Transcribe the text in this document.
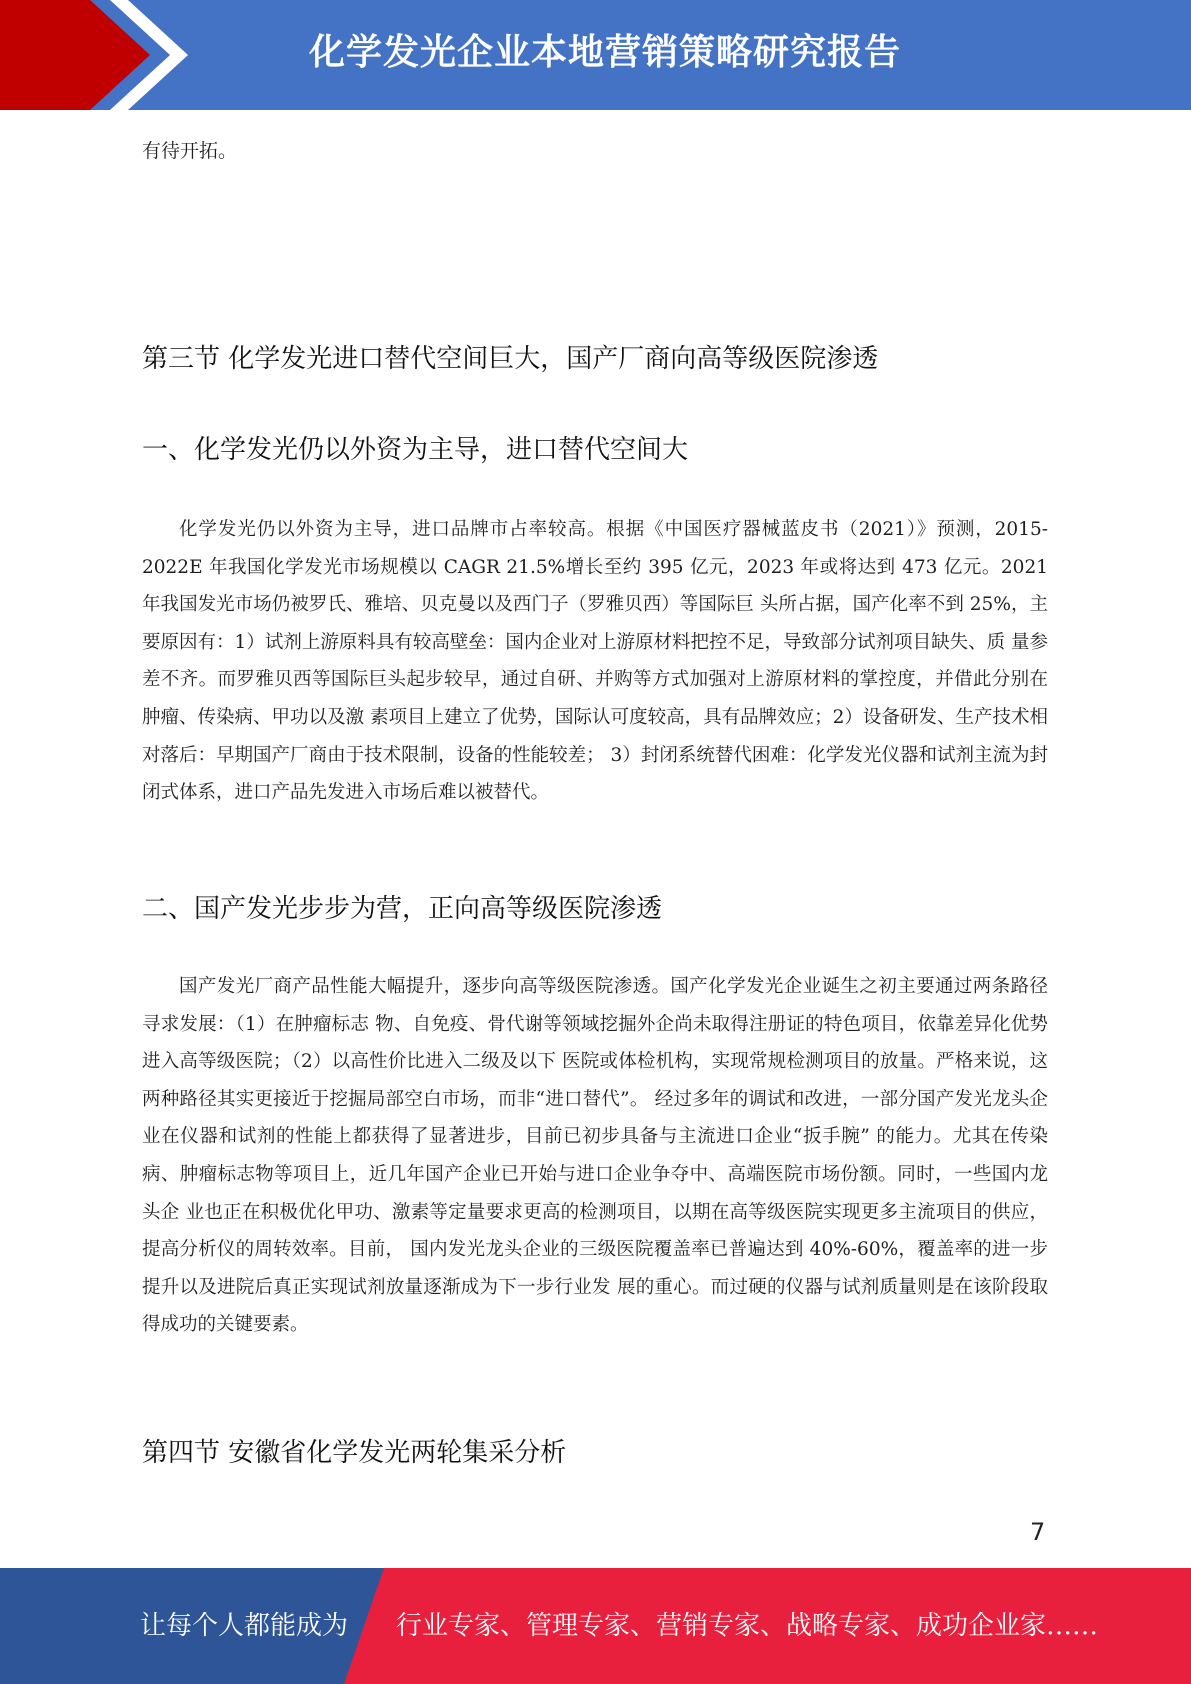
化学发光企业本地营销策略研究报告
有待开拓。
第三节 化学发光进口替代空间巨大，国产厂商向高等级医院渗透
一、化学发光仍以外资为主导，进口替代空间大

化学发光仍以外资为主导，进口品牌市占率较高。根据《中国医疗器械蓝皮书（2021）》预测，2015-2022E 年我国化学发光市场规模以 CAGR 21.5%增长至约 395 亿元，2023 年或将达到 473 亿元。2021 年我国发光市场仍被罗氏、雅培、贝克曼以及西门子（罗雅贝西）等国际巨 头所占据，国产化率不到 25%，主要原因有：1）试剂上游原料具有较高壁垒：国内企业对上游原材料把控不足，导致部分试剂项目缺失、质 量参差不齐。而罗雅贝西等国际巨头起步较早，通过自研、并购等方式加强对上游原材料的掌控度，并借此分别在肿瘤、传染病、甲功以及激 素项目上建立了优势，国际认可度较高，具有品牌效应；2）设备研发、生产技术相对落后：早期国产厂商由于技术限制，设备的性能较差； 3）封闭系统替代困难：化学发光仪器和试剂主流为封闭式体系，进口产品先发进入市场后难以被替代。

二、国产发光步步为营，正向高等级医院渗透

国产发光厂商产品性能大幅提升，逐步向高等级医院渗透。国产化学发光企业诞生之初主要通过两条路径寻求发展：（1）在肿瘤标志 物、自免疫、骨代谢等领域挖掘外企尚未取得注册证的特色项目，依靠差异化优势进入高等级医院；（2）以高性价比进入二级及以下 医院或体检机构，实现常规检测项目的放量。严格来说，这两种路径其实更接近于挖掘局部空白市场，而非“进口替代”。 经过多年的调试和改进，一部分国产发光龙头企业在仪器和试剂的性能上都获得了显著进步，目前已初步具备与主流进口企业“扳手腕” 的能力。尤其在传染病、肿瘤标志物等项目上，近几年国产企业已开始与进口企业争夺中、高端医院市场份额。同时，一些国内龙头企 业也正在积极优化甲功、激素等定量要求更高的检测项目，以期在高等级医院实现更多主流项目的供应，提高分析仪的周转效率。目前， 国内发光龙头企业的三级医院覆盖率已普遍达到 40%-60%，覆盖率的进一步提升以及进院后真正实现试剂放量逐渐成为下一步行业发 展的重心。而过硬的仪器与试剂质量则是在该阶段取得成功的关键要素。

第四节 安徽省化学发光两轮集采分析
7
让每个人都能成为 行业专家、管理专家、营销专家、战略专家、成功企业家……
